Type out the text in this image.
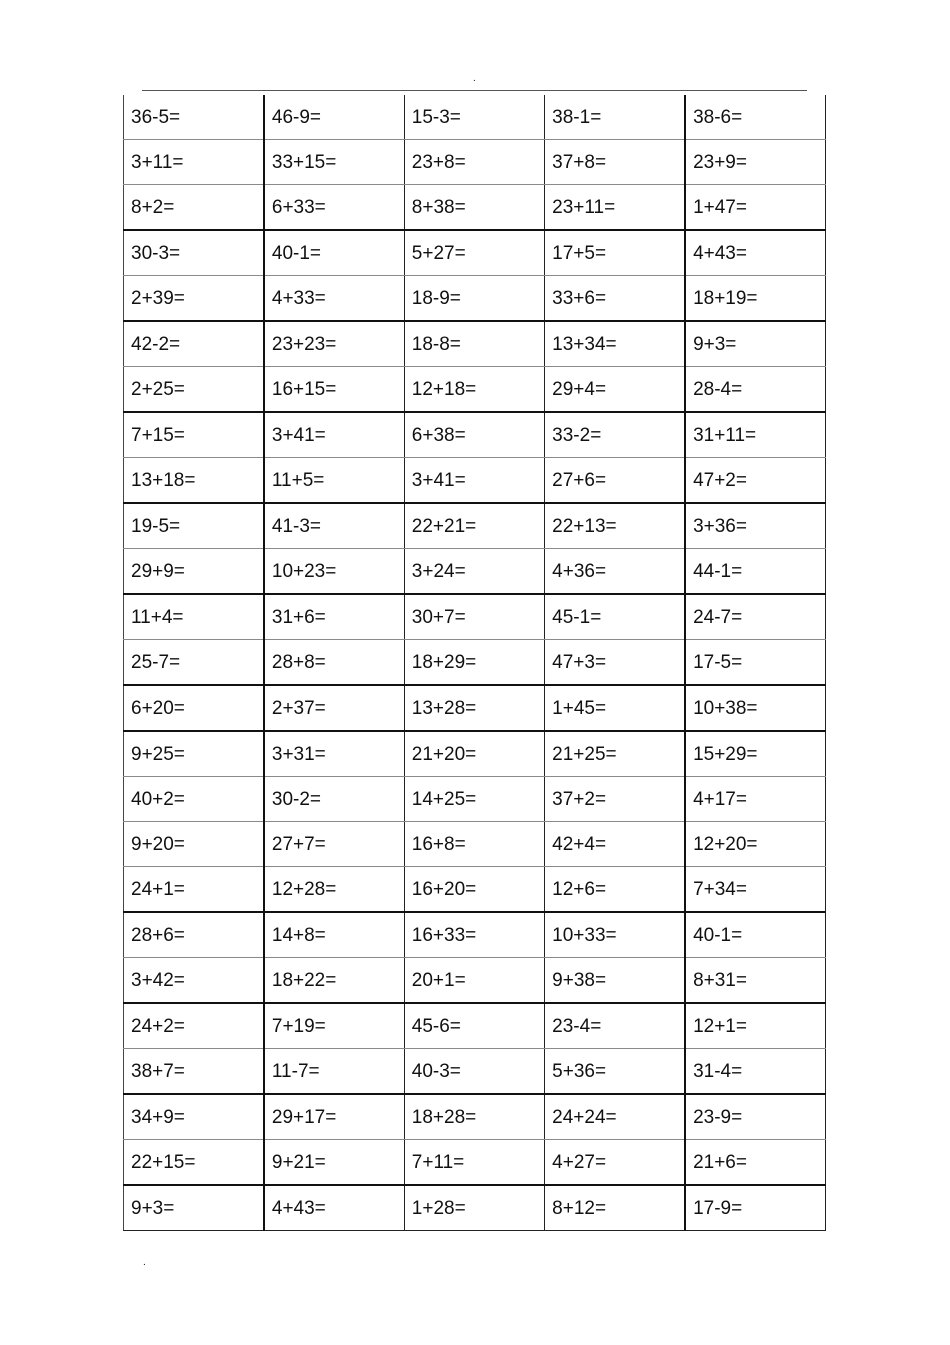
.
36-5=	46-9=	15-3=	38-1=	38-6=
3+11=	33+15=	23+8=	37+8=	23+9=
8+2=	6+33=	8+38=	23+11=	1+47=
30-3=	40-1=	5+27=	17+5=	4+43=
2+39=	4+33=	18-9=	33+6=	18+19=
42-2=	23+23=	18-8=	13+34=	9+3=
2+25=	16+15=	12+18=	29+4=	28-4=
7+15=	3+41=	6+38=	33-2=	31+11=
13+18=	11+5=	3+41=	27+6=	47+2=
19-5=	41-3=	22+21=	22+13=	3+36=
29+9=	10+23=	3+24=	4+36=	44-1=
11+4=	31+6=	30+7=	45-1=	24-7=
25-7=	28+8=	18+29=	47+3=	17-5=
6+20=	2+37=	13+28=	1+45=	10+38=
9+25=	3+31=	21+20=	21+25=	15+29=
40+2=	30-2=	14+25=	37+2=	4+17=
9+20=	27+7=	16+8=	42+4=	12+20=
24+1=	12+28=	16+20=	12+6=	7+34=
28+6=	14+8=	16+33=	10+33=	40-1=
3+42=	18+22=	20+1=	9+38=	8+31=
24+2=	7+19=	45-6=	23-4=	12+1=
38+7=	11-7=	40-3=	5+36=	31-4=
34+9=	29+17=	18+28=	24+24=	23-9=
22+15=	9+21=	7+11=	4+27=	21+6=
9+3=	4+43=	1+28=	8+12=	17-9=
.
